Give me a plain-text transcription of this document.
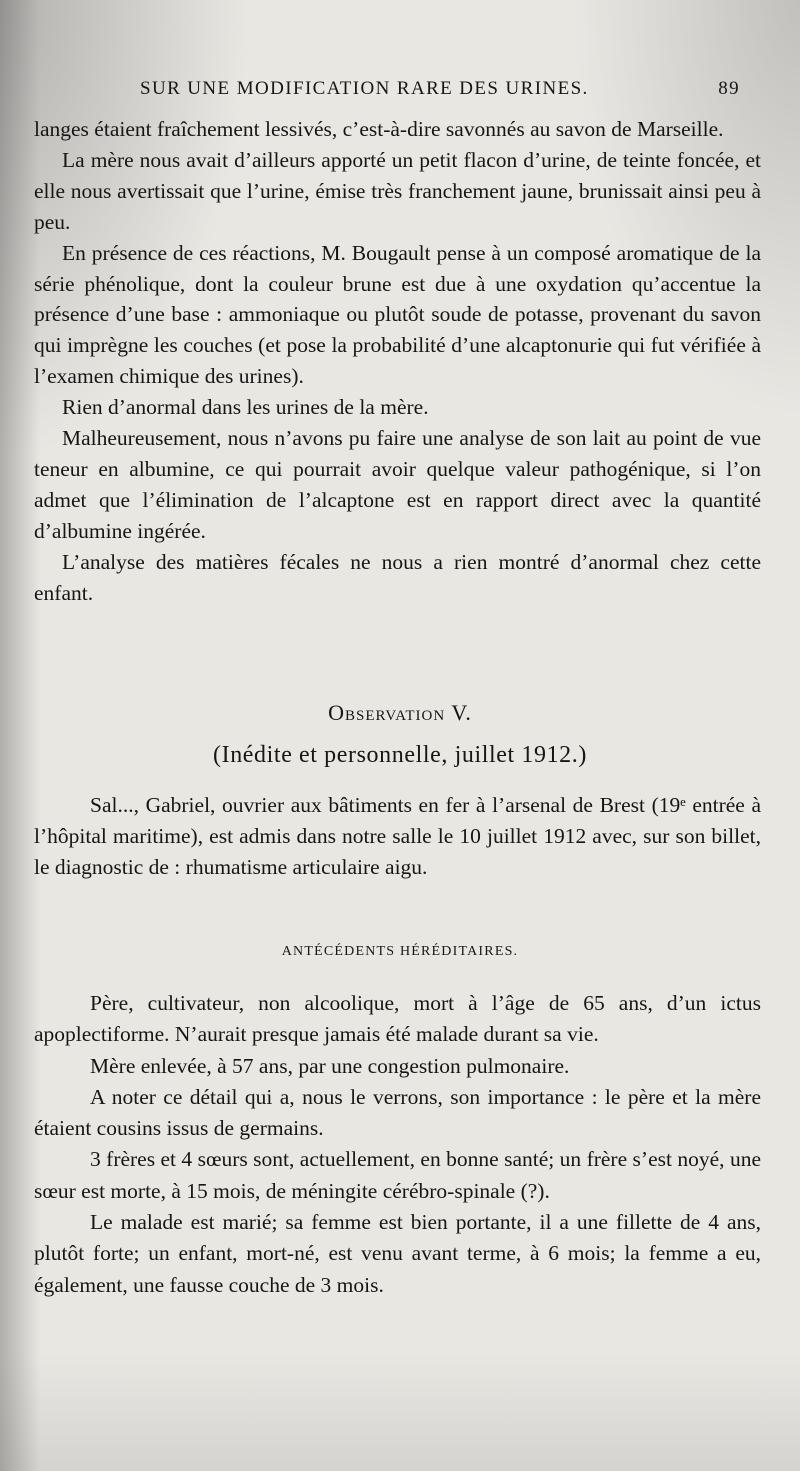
SUR UNE MODIFICATION RARE DES URINES.	89

langes étaient fraîchement lessivés, c’est-à-dire savonnés au savon de Marseille.

La mère nous avait d’ailleurs apporté un petit flacon d’urine, de teinte foncée, et elle nous avertissait que l’urine, émise très franchement jaune, brunissait ainsi peu à peu.

En présence de ces réactions, M. Bougault pense à un composé aromatique de la série phénolique, dont la couleur brune est due à une oxydation qu’accentue la présence d’une base : ammoniaque ou plutôt soude de potasse, provenant du savon qui imprègne les couches (et pose la probabilité d’une alcaptonurie qui fut vérifiée à l’examen chimique des urines).

Rien d’anormal dans les urines de la mère.

Malheureusement, nous n’avons pu faire une analyse de son lait au point de vue teneur en albumine, ce qui pourrait avoir quelque valeur pathogénique, si l’on admet que l’élimination de l’alcaptone est en rapport direct avec la quantité d’albumine ingérée.

L’analyse des matières fécales ne nous a rien montré d’anormal chez cette enfant.

Observation V.
(Inédite et personnelle, juillet 1912.)

Sal..., Gabriel, ouvrier aux bâtiments en fer à l’arsenal de Brest (19ᵉ entrée à l’hôpital maritime), est admis dans notre salle le 10 juillet 1912 avec, sur son billet, le diagnostic de : rhumatisme articulaire aigu.

ANTÉCÉDENTS HÉRÉDITAIRES.

Père, cultivateur, non alcoolique, mort à l’âge de 65 ans, d’un ictus apoplectiforme. N’aurait presque jamais été malade durant sa vie.

Mère enlevée, à 57 ans, par une congestion pulmonaire.

A noter ce détail qui a, nous le verrons, son importance : le père et la mère étaient cousins issus de germains.

3 frères et 4 sœurs sont, actuellement, en bonne santé; un frère s’est noyé, une sœur est morte, à 15 mois, de méningite cérébro-spinale (?).

Le malade est marié; sa femme est bien portante, il a une fillette de 4 ans, plutôt forte; un enfant, mort-né, est venu avant terme, à 6 mois; la femme a eu, également, une fausse couche de 3 mois.
